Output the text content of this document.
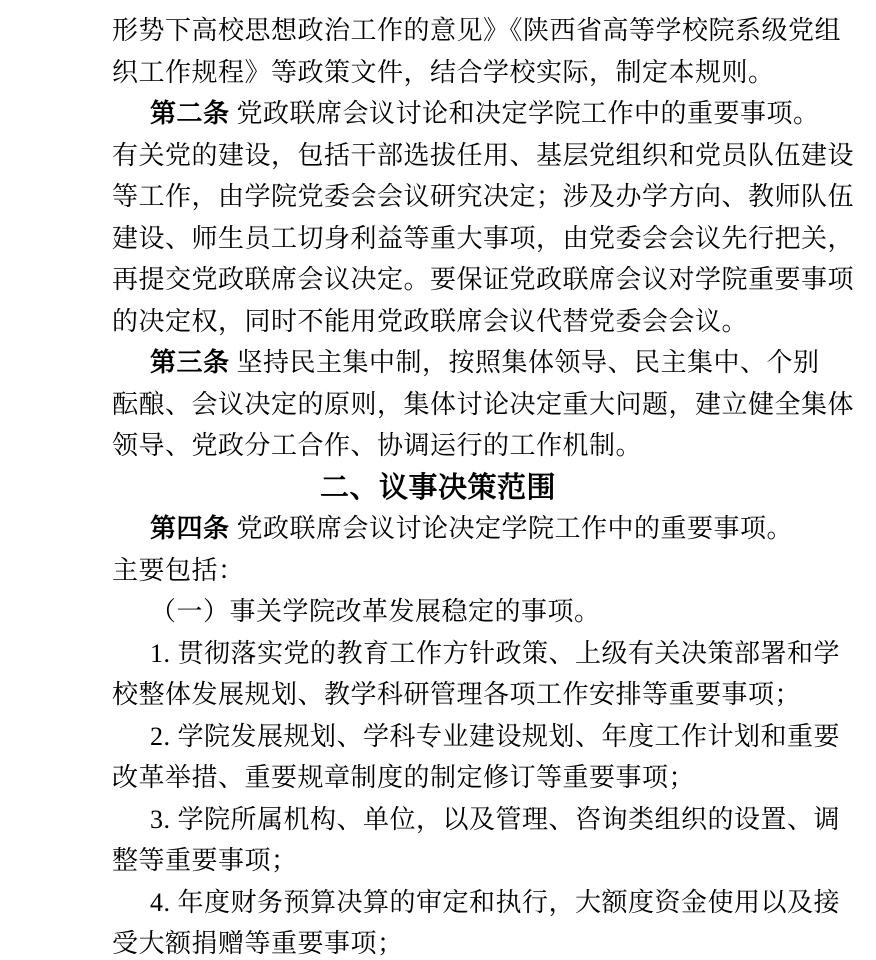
形势下高校思想政治工作的意见》《陕西省高等学校院系级党组
织工作规程》等政策文件，结合学校实际，制定本规则。
第二条 党政联席会议讨论和决定学院工作中的重要事项。
有关党的建设，包括干部选拔任用、基层党组织和党员队伍建设
等工作，由学院党委会会议研究决定；涉及办学方向、教师队伍
建设、师生员工切身利益等重大事项，由党委会会议先行把关，
再提交党政联席会议决定。要保证党政联席会议对学院重要事项
的决定权，同时不能用党政联席会议代替党委会会议。
第三条 坚持民主集中制，按照集体领导、民主集中、个别
酝酿、会议决定的原则，集体讨论决定重大问题，建立健全集体
领导、党政分工合作、协调运行的工作机制。
二、议事决策范围
第四条 党政联席会议讨论决定学院工作中的重要事项。
主要包括：
（一）事关学院改革发展稳定的事项。
1. 贯彻落实党的教育工作方针政策、上级有关决策部署和学
校整体发展规划、教学科研管理各项工作安排等重要事项；
2. 学院发展规划、学科专业建设规划、年度工作计划和重要
改革举措、重要规章制度的制定修订等重要事项；
3. 学院所属机构、单位，以及管理、咨询类组织的设置、调
整等重要事项；
4. 年度财务预算决算的审定和执行，大额度资金使用以及接
受大额捐赠等重要事项；
